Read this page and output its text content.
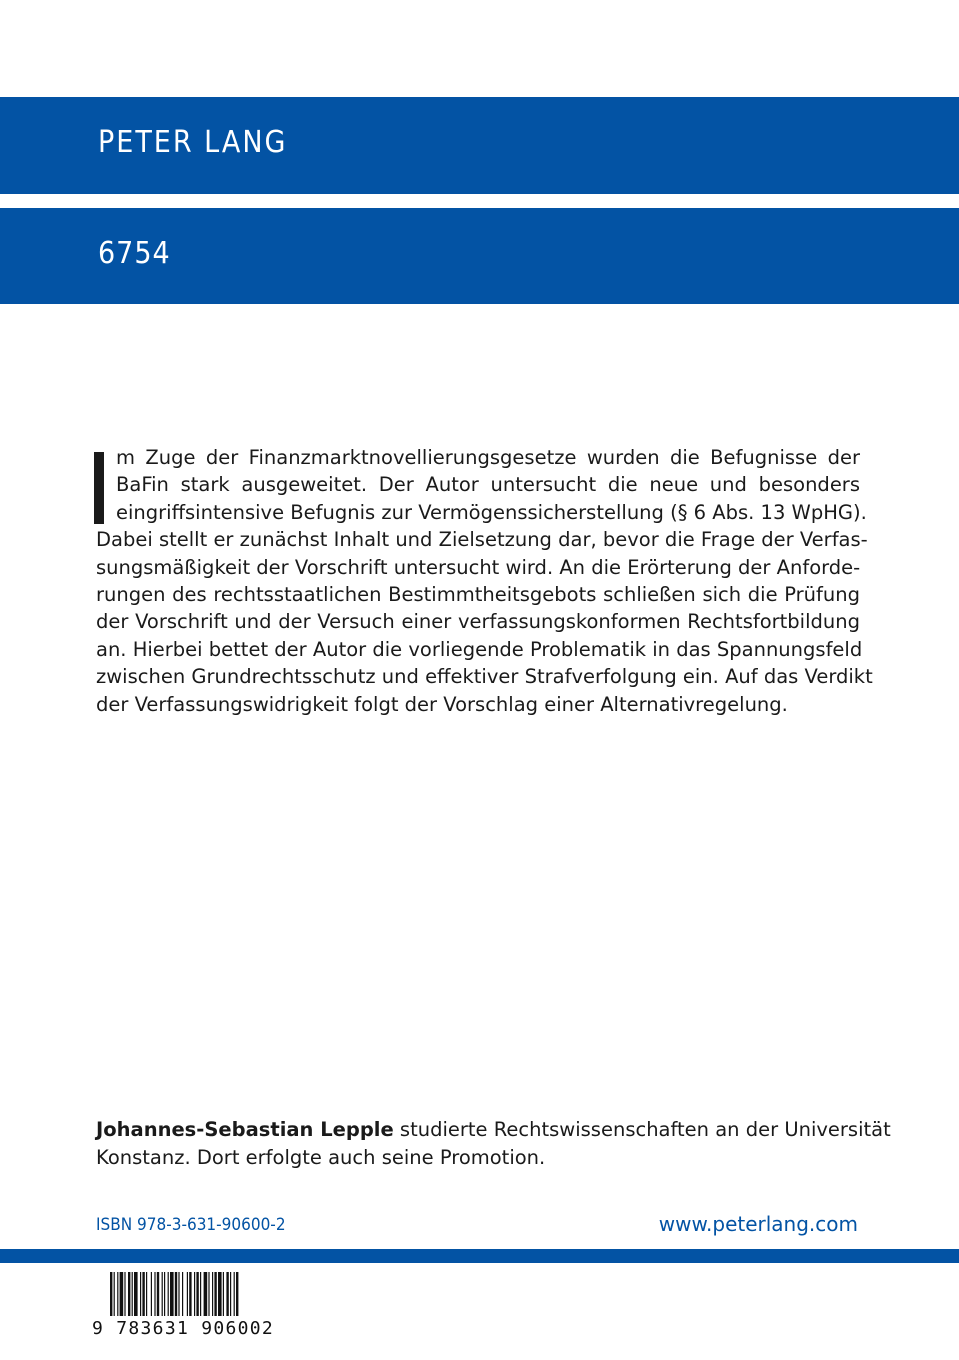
PETER LANG
6754
m Zuge der Finanzmarktnovellierungsgesetze wurden die Befugnisse der
BaFin stark ausgeweitet. Der Autor untersucht die neue und besonders
eingriffsintensive Befugnis zur Vermögenssicherstellung (§ 6 Abs. 13 WpHG).
Dabei stellt er zunächst Inhalt und Zielsetzung dar, bevor die Frage der Verfas-
sungsmäßigkeit der Vorschrift untersucht wird. An die Erörterung der Anforde-
rungen des rechtsstaatlichen Bestimmtheitsgebots schließen sich die Prüfung
der Vorschrift und der Versuch einer verfassungskonformen Rechtsfortbildung
an. Hierbei bettet der Autor die vorliegende Problematik in das Spannungsfeld
zwischen Grundrechtsschutz und effektiver Strafverfolgung ein. Auf das Verdikt
der Verfassungswidrigkeit folgt der Vorschlag einer Alternativregelung.
Johannes-Sebastian Lepple studierte Rechtswissenschaften an der Universität
Konstanz. Dort erfolgte auch seine Promotion.
ISBN 978-3-631-90600-2	www.peterlang.com
9 783631 906002
